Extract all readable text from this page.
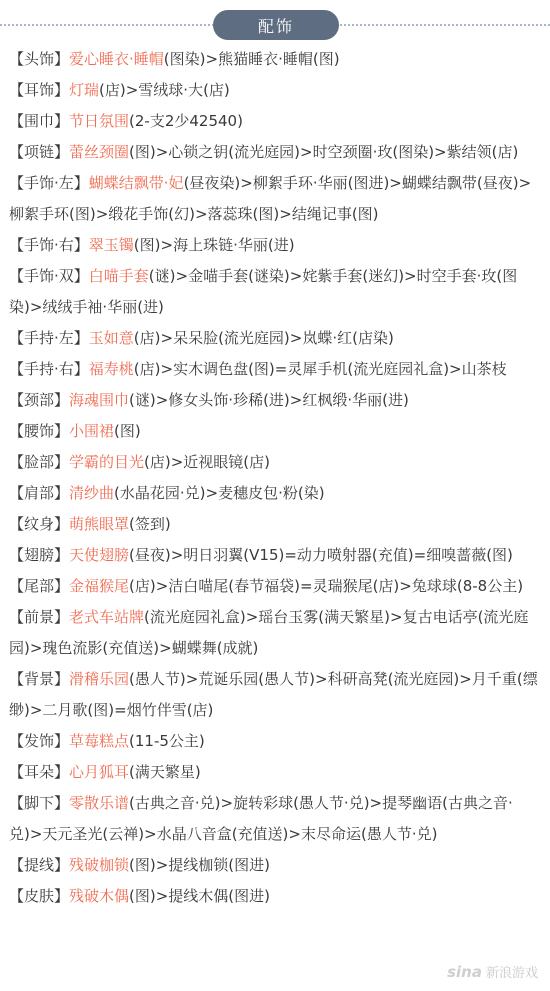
配饰

【头饰】爱心睡衣·睡帽(图染)>熊猫睡衣·睡帽(图)

【耳饰】灯瑞(店)>雪绒球·大(店)

【围巾】节日氛围(2-支2少42540)

【项链】蕾丝颈圈(图)>心锁之钥(流光庭园)>时空颈圈·玫(图染)>紫结领(店)

【手饰·左】蝴蝶结飘带·妃(昼夜染)>柳絮手环·华丽(图进)>蝴蝶结飘带(昼夜)>柳絮手环(图)>缎花手饰(幻)>落蕊珠(图)>结绳记事(图)

【手饰·右】翠玉镯(图)>海上珠链·华丽(进)

【手饰·双】白喵手套(谜)>金喵手套(谜染)>姹紫手套(迷幻)>时空手套·玫(图染)>绒绒手袖·华丽(进)

【手持·左】玉如意(店)>呆呆脸(流光庭园)>岚蝶·红(店染)

【手持·右】福寿桃(店)>实木调色盘(图)=灵犀手机(流光庭园礼盒)>山茶枝

【颈部】海魂围巾(谜)>修女头饰·珍稀(进)>红枫缎·华丽(进)

【腰饰】小围裙(图)

【脸部】学霸的目光(店)>近视眼镜(店)

【肩部】清纱曲(水晶花园·兑)>麦穗皮包·粉(染)

【纹身】萌熊眼罩(签到)

【翅膀】天使翅膀(昼夜)>明日羽翼(V15)=动力喷射器(充值)=细嗅蔷薇(图)

【尾部】金福猴尾(店)>洁白喵尾(春节福袋)=灵瑞猴尾(店)>兔球球(8-8公主)

【前景】老式车站牌(流光庭园礼盒)>瑶台玉雾(满天繁星)>复古电话亭(流光庭园)>瑰色流影(充值送)>蝴蝶舞(成就)

【背景】滑稽乐园(愚人节)>荒诞乐园(愚人节)>科研高凳(流光庭园)>月千重(缥缈)>二月歌(图)=烟竹伴雪(店)

【发饰】草莓糕点(11-5公主)

【耳朵】心月狐耳(满天繁星)

【脚下】零散乐谱(古典之音·兑)>旋转彩球(愚人节·兑)>提琴幽语(古典之音·兑)>天元圣光(云禅)>水晶八音盒(充值送)>末尽命运(愚人节·兑)

【提线】残破枷锁(图)>提线枷锁(图进)

【皮肤】残破木偶(图)>提线木偶(图进)

sina 新浪游戏
